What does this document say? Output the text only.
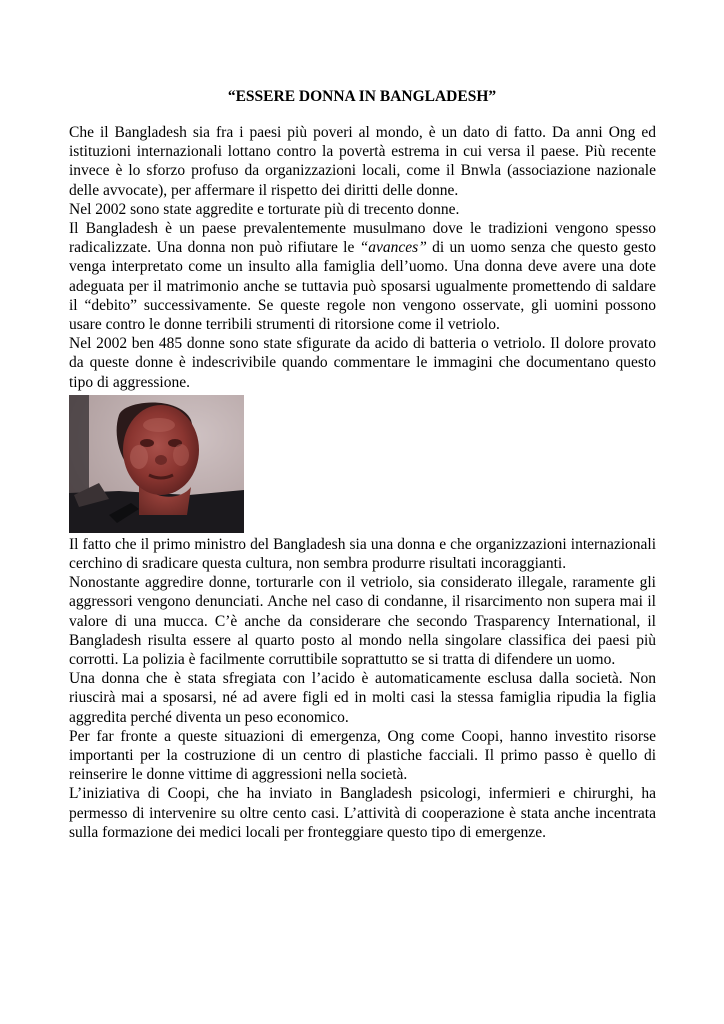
“ESSERE DONNA IN BANGLADESH”

Che il Bangladesh sia fra i paesi più poveri al mondo, è un dato di fatto. Da anni Ong ed istituzioni internazionali lottano contro la povertà estrema in cui versa il paese. Più recente invece è lo sforzo profuso da organizzazioni locali, come il Bnwla (associazione nazionale delle avvocate), per affermare il rispetto dei diritti delle donne.

Nel 2002 sono state aggredite e torturate più di trecento donne.

Il Bangladesh è un paese prevalentemente musulmano dove le tradizioni vengono spesso radicalizzate. Una donna non può rifiutare le “avances” di un uomo senza che questo gesto venga interpretato come un insulto alla famiglia dell’uomo. Una donna deve avere una dote adeguata per il matrimonio anche se tuttavia può sposarsi ugualmente promettendo di saldare il “debito” successivamente. Se queste regole non vengono osservate, gli uomini possono usare contro le donne terribili strumenti di ritorsione come il vetriolo.

Nel 2002 ben 485 donne sono state sfigurate da acido di batteria o vetriolo. Il dolore provato da queste donne è indescrivibile quando commentare le immagini che documentano questo tipo di aggressione.

Il fatto che il primo ministro del Bangladesh sia una donna e che organizzazioni internazionali cerchino di sradicare questa cultura, non sembra produrre risultati incoraggianti.

Nonostante aggredire donne, torturarle con il vetriolo, sia considerato illegale, raramente gli aggressori vengono denunciati. Anche nel caso di condanne, il risarcimento non supera mai il valore di una mucca. C’è anche da considerare che secondo Trasparency International, il Bangladesh risulta essere al quarto posto al mondo nella singolare classifica dei paesi più corrotti. La polizia è facilmente corruttibile soprattutto se si tratta di difendere un uomo.

Una donna che è stata sfregiata con l’acido è automaticamente esclusa dalla società. Non riuscirà mai a sposarsi, né ad avere figli ed in molti casi la stessa famiglia ripudia la figlia aggredita perché diventa un peso economico.

Per far fronte a queste situazioni di emergenza, Ong come Coopi, hanno investito risorse importanti per la costruzione di un centro di plastiche facciali. Il primo passo è quello di reinserire le donne vittime di aggressioni nella società.

L’iniziativa di Coopi, che ha inviato in Bangladesh psicologi, infermieri e chirurghi, ha permesso di intervenire su oltre cento casi. L’attività di cooperazione è stata anche incentrata sulla formazione dei medici locali per fronteggiare questo tipo di emergenze.
